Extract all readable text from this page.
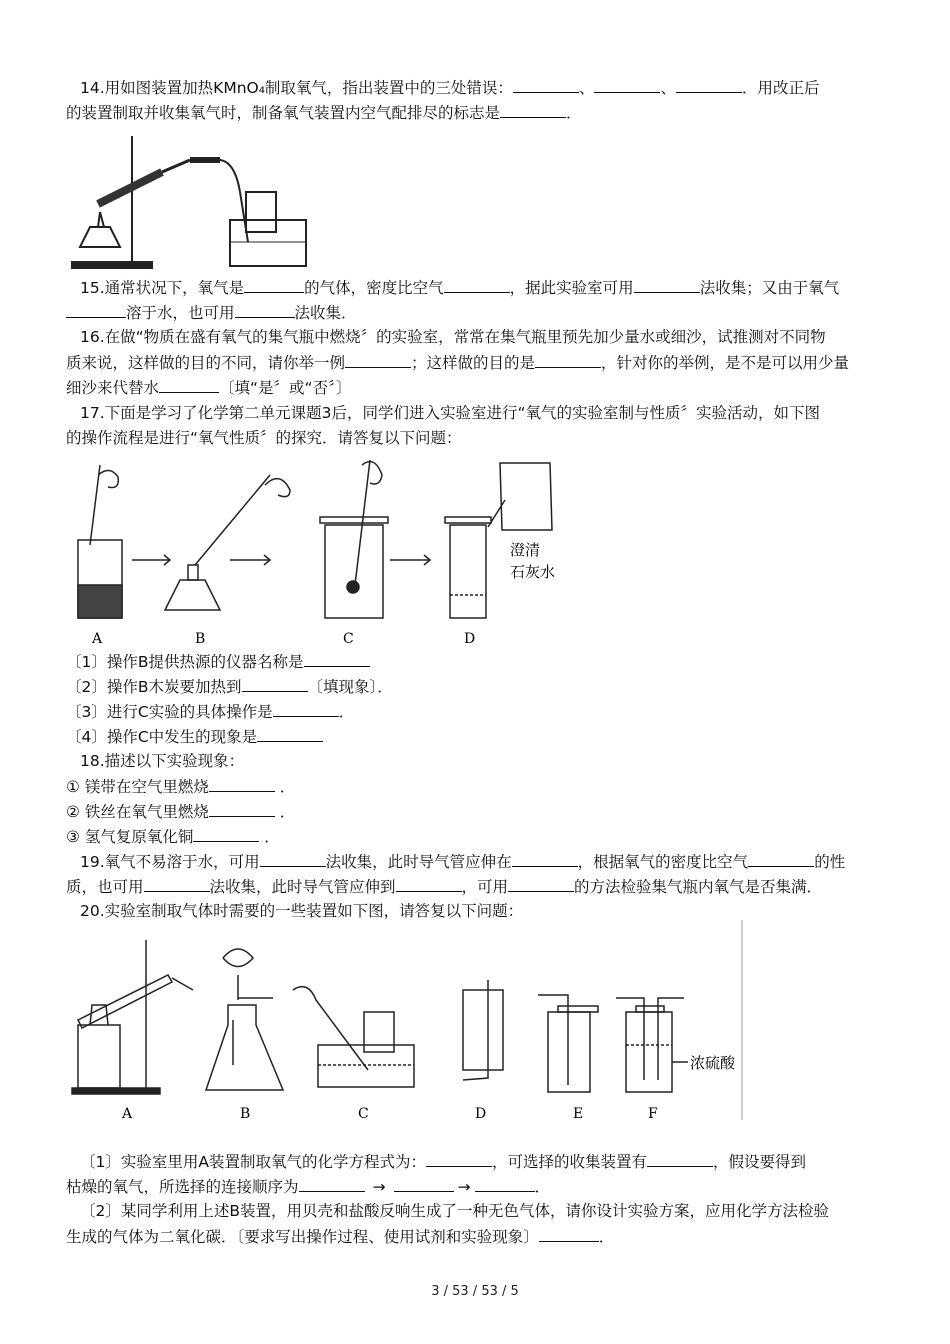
14.用如图装置加热KMnO₄制取氧气，指出装置中的三处错误：	、	、	．用改正后
的装置制取并收集氧气时，制备氧气装置内空气配排尽的标志是	．
15.通常状况下，氧气是	的气体，密度比空气	，据此实验室可用	法收集；又由于氧气
溶于水，也可用	法收集．
16.在做“物质在盛有氧气的集气瓶中燃烧〞的实验室，常常在集气瓶里预先加少量水或细沙，试推测对不同物
质来说，这样做的目的不同，请你举一例	；这样做的目的是	，针对你的举例，是不是可以用少量
细沙来代替水	〔填“是〞或“否〞〕
17.下面是学习了化学第二单元课题3后，同学们进入实验室进行“氧气的实验室制与性质〞实验活动，如下图
的操作流程是进行“氧气性质〞的探究．请答复以下问题：
A	B	C	D
澄清
石灰水
〔1〕操作B提供热源的仪器名称是
〔2〕操作B木炭要加热到	〔填现象〕．
〔3〕进行C实验的具体操作是	．
〔4〕操作C中发生的现象是
18.描述以下实验现象：
① 镁带在空气里燃烧	．
② 铁丝在氧气里燃烧	．
③ 氢气复原氧化铜	．
19.氧气不易溶于水，可用	法收集，此时导气管应伸在	，根据氧气的密度比空气	的性
质，也可用	法收集，此时导气管应伸到	，可用	的方法检验集气瓶内氧气是否集满．
20.实验室制取气体时需要的一些装置如下图，请答复以下问题：
A	B	C	D	E	F
浓硫酸
〔1〕实验室里用A装置制取氧气的化学方程式为：	，可选择的收集装置有	，假设要得到
枯燥的氧气，所选择的连接顺序为	→	→	．
〔2〕某同学利用上述B装置，用贝壳和盐酸反响生成了一种无色气体，请你设计实验方案，应用化学方法检验
生成的气体为二氧化碳．〔要求写出操作过程、使用试剂和实验现象〕	．
3 / 53 / 53 / 5
